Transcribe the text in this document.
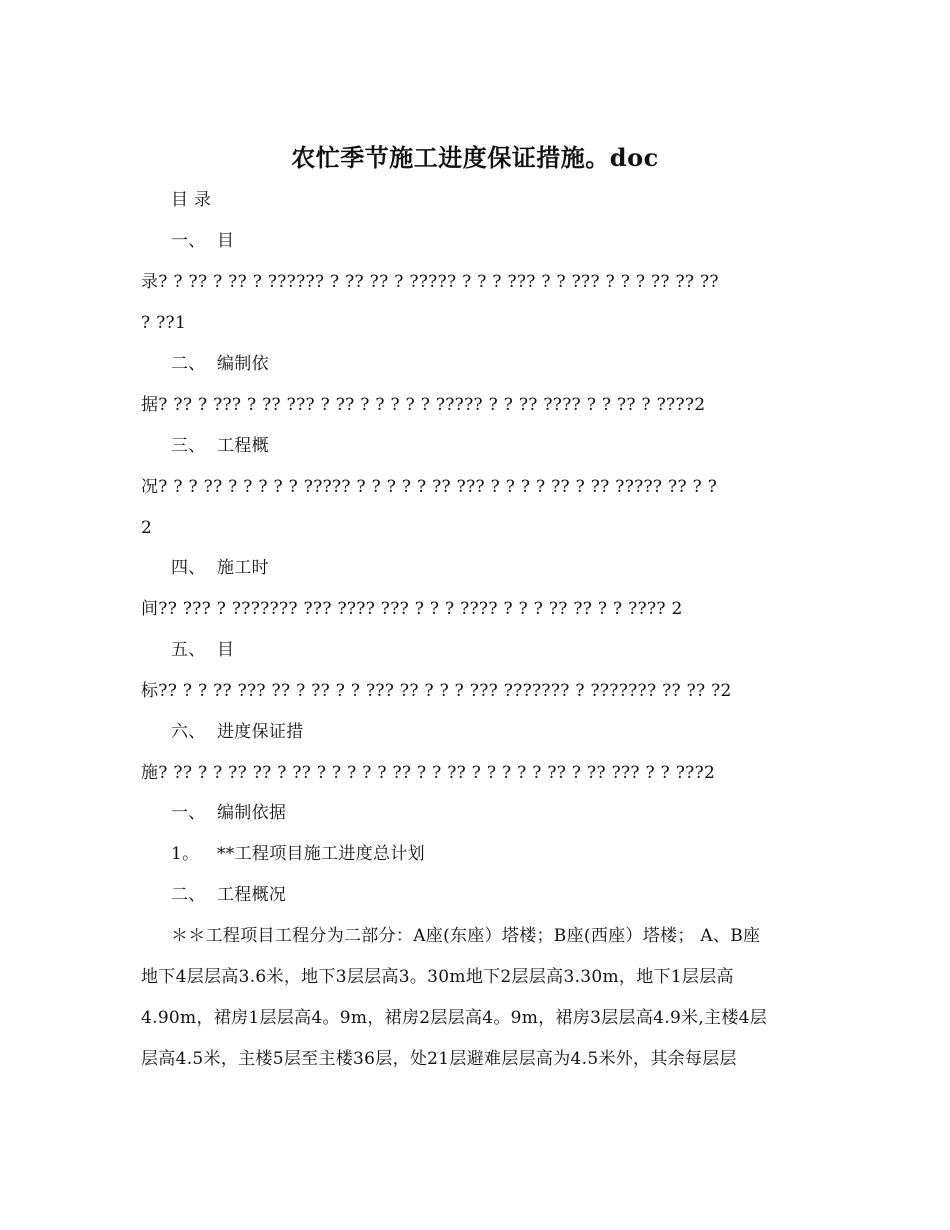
农忙季节施工进度保证措施。doc
目 录
一、 目
录? ? ?? ? ?? ? ?????? ? ?? ?? ? ????? ? ? ? ??? ? ? ??? ? ? ? ?? ?? ??
? ??1
二、 编制依
据? ?? ? ??? ? ?? ??? ? ?? ? ? ? ? ? ????? ? ? ?? ???? ? ? ?? ? ????2
三、 工程概
况? ? ? ?? ? ? ? ? ? ????? ? ? ? ? ? ?? ??? ? ? ? ? ?? ? ?? ????? ?? ? ?
2
四、 施工时
间?? ??? ? ??????? ??? ???? ??? ? ? ? ???? ? ? ? ?? ?? ? ? ???? 2
五、 目
标?? ? ? ?? ??? ?? ? ?? ? ? ??? ?? ? ? ? ??? ??????? ? ??????? ?? ?? ?2
六、 进度保证措
施? ?? ? ? ?? ?? ? ?? ? ? ? ? ? ?? ? ? ?? ? ? ? ? ? ?? ? ?? ??? ? ? ???2
一、 编制依据
1。 **工程项目施工进度总计划
二、 工程概况
＊＊工程项目工程分为二部分：A座(东座）塔楼；B座(西座）塔楼； A、B座
地下4层层高3.6米，地下3层层高3。30m地下2层层高3.30m，地下1层层高
4.90m，裙房1层层高4。9m，裙房2层层高4。9m，裙房3层层高4.9米,主楼4层
层高4.5米，主楼5层至主楼36层，处21层避难层层高为4.5米外，其余每层层
